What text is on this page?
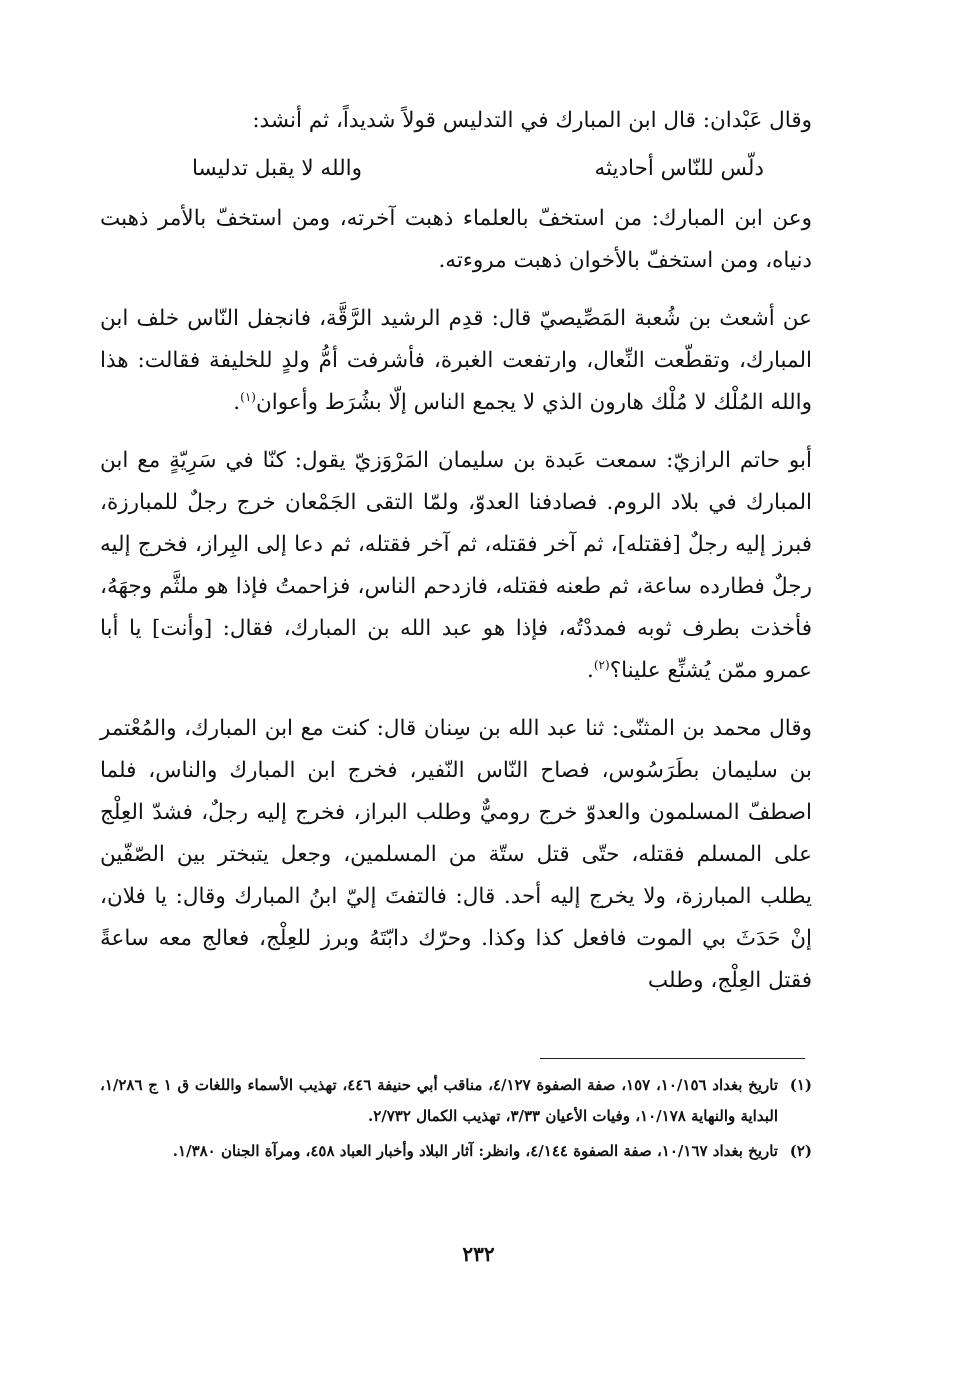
وقال عَبْدان: قال ابن المبارك في التدليس قولاً شديداً، ثم أنشد:

دلّس للنّاس أحاديثه
والله لا يقبل تدليسا

وعن ابن المبارك: من استخفّ بالعلماء ذهبت آخرته، ومن استخفّ بالأمر ذهبت دنياه، ومن استخفّ بالأخوان ذهبت مروءته.

عن أشعث بن شُعبة المَصِّيصيّ قال: قدِم الرشيد الرَّقَّة، فانجفل النّاس خلف ابن المبارك، وتقطّعت النِّعال، وارتفعت الغبرة، فأشرفت أمُّ ولدٍ للخليفة فقالت: هذا والله المُلْك لا مُلْك هارون الذي لا يجمع الناس إلّا بشُرَط وأعوان$^{(١)}$.

أبو حاتم الرازيّ: سمعت عَبدة بن سليمان المَرْوَزيّ يقول: كنّا في سَرِيّةٍ مع ابن المبارك في بلاد الروم. فصادفنا العدوّ، ولمّا التقى الجَمْعان خرج رجلٌ للمبارزة، فبرز إليه رجلٌ [فقتله]، ثم آخر فقتله، ثم آخر فقتله، ثم دعا إلى البِراز، فخرج إليه رجلٌ فطارده ساعة، ثم طعنه فقتله، فازدحم الناس، فزاحمتُ فإذا هو ملثَّم وجهَهُ، فأخذت بطرف ثوبه فمددْتُه، فإذا هو عبد الله بن المبارك، فقال: [وأنت] يا أبا عمرو ممّن يُشنِّع علينا؟$^{(٢)}$.

وقال محمد بن المثنّى: ثنا عبد الله بن سِنان قال: كنت مع ابن المبارك، والمُعْتمر بن سليمان بطَرَسُوس، فصاح النّاس النّفير، فخرج ابن المبارك والناس، فلما اصطفّ المسلمون والعدوّ خرج روميٌّ وطلب البراز، فخرج إليه رجلٌ، فشدّ العِلْج على المسلم فقتله، حتّى قتل ستّة من المسلمين، وجعل يتبختر بين الصّفّين يطلب المبارزة، ولا يخرج إليه أحد. قال: فالتفتَ إليّ ابنُ المبارك وقال: يا فلان، إنْ حَدَثَ بي الموت فافعل كذا وكذا. وحرّك دابّتَهُ وبرز للعِلْج، فعالج معه ساعةً فقتل العِلْج، وطلب

(١)
تاريخ بغداد ١٠/١٥٦، ١٥٧، صفة الصفوة ٤/١٢٧، مناقب أبي حنيفة ٤٤٦، تهذيب الأسماء واللغات ق ١ ج ١/٢٨٦، البداية والنهاية ١٠/١٧٨، وفيات الأعيان ٣/٣٣، تهذيب الكمال ٢/٧٣٢.
(٢)
تاريخ بغداد ١٠/١٦٧، صفة الصفوة ٤/١٤٤، وانظر: آثار البلاد وأخبار العباد ٤٥٨، ومرآة الجنان ١/٣٨٠.
٢٣٢
